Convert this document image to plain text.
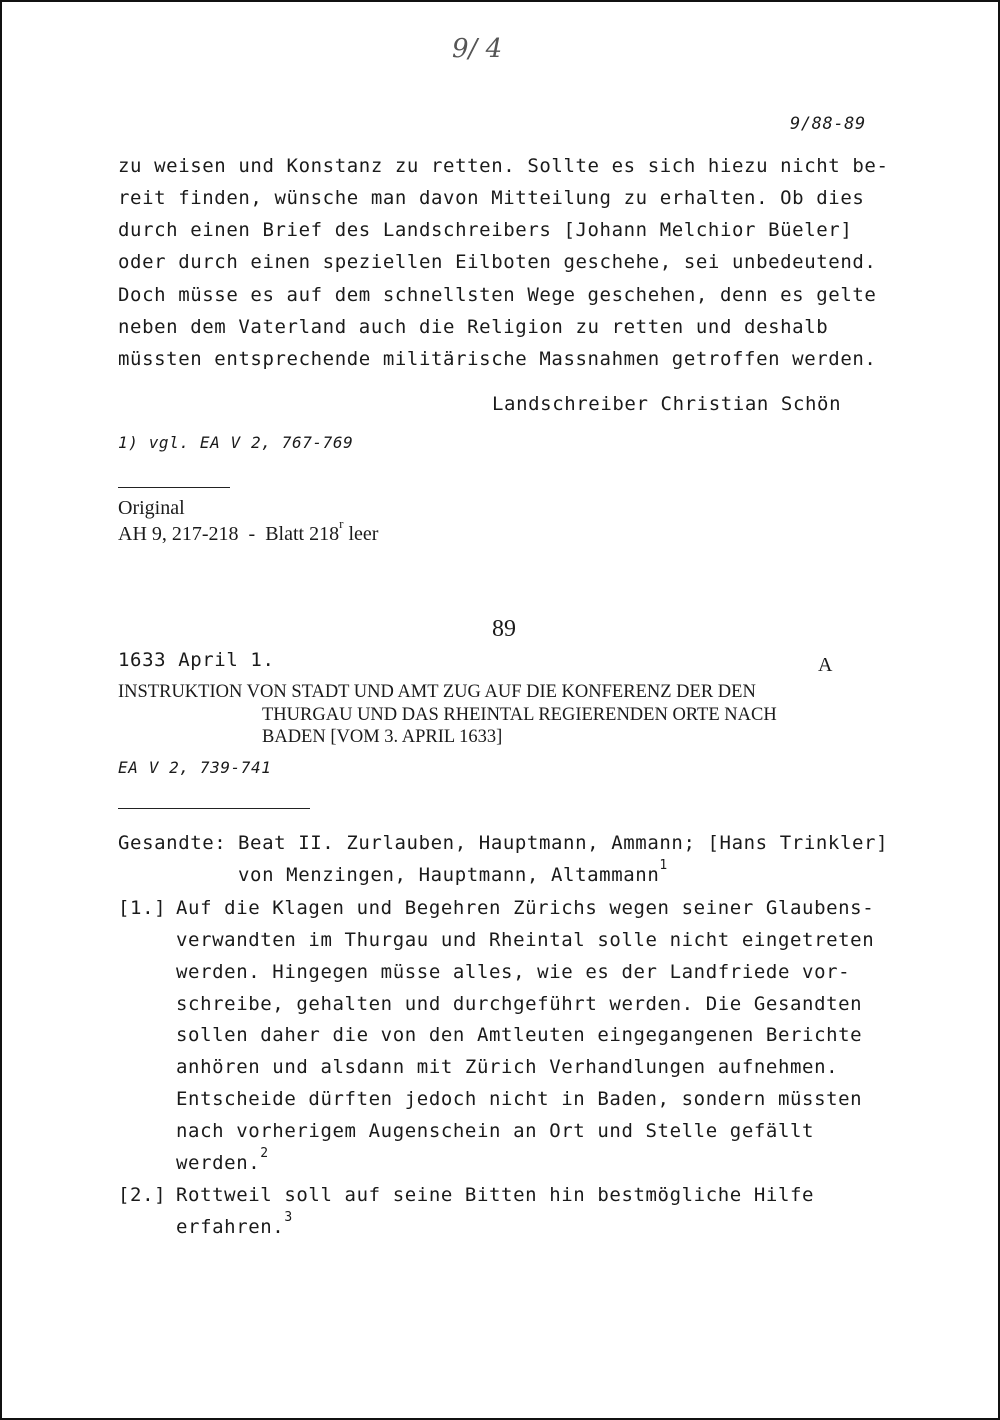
9/ 4
9/88-89
zu weisen und Konstanz zu retten. Sollte es sich hiezu nicht be-
reit finden, wünsche man davon Mitteilung zu erhalten. Ob dies
durch einen Brief des Landschreibers [Johann Melchior Büeler]
oder durch einen speziellen Eilboten geschehe, sei unbedeutend.
Doch müsse es auf dem schnellsten Wege geschehen, denn es gelte
neben dem Vaterland auch die Religion zu retten und deshalb
müssten entsprechende militärische Massnahmen getroffen werden.
Landschreiber Christian Schön
1) vgl. EA V 2, 767-769
Original
AH 9, 217-218  -  Blatt 218$^r$ leer
89
1633 April 1.	A
INSTRUKTION VON STADT UND AMT ZUG AUF DIE KONFERENZ DER DEN
THURGAU UND DAS RHEINTAL REGIERENDEN ORTE NACH
BADEN [VOM 3. APRIL 1633]
EA V 2, 739-741
Gesandte: Beat II. Zurlauben, Hauptmann, Ammann; [Hans Trinkler]
von Menzingen, Hauptmann, Altammann$^1$
[1.] Auf die Klagen und Begehren Zürichs wegen seiner Glaubens-
verwandten im Thurgau und Rheintal solle nicht eingetreten
werden. Hingegen müsse alles, wie es der Landfriede vor-
schreibe, gehalten und durchgeführt werden. Die Gesandten
sollen daher die von den Amtleuten eingegangenen Berichte
anhören und alsdann mit Zürich Verhandlungen aufnehmen.
Entscheide dürften jedoch nicht in Baden, sondern müssten
nach vorherigem Augenschein an Ort und Stelle gefällt
werden.$^2$
[2.] Rottweil soll auf seine Bitten hin bestmögliche Hilfe
erfahren.$^3$
